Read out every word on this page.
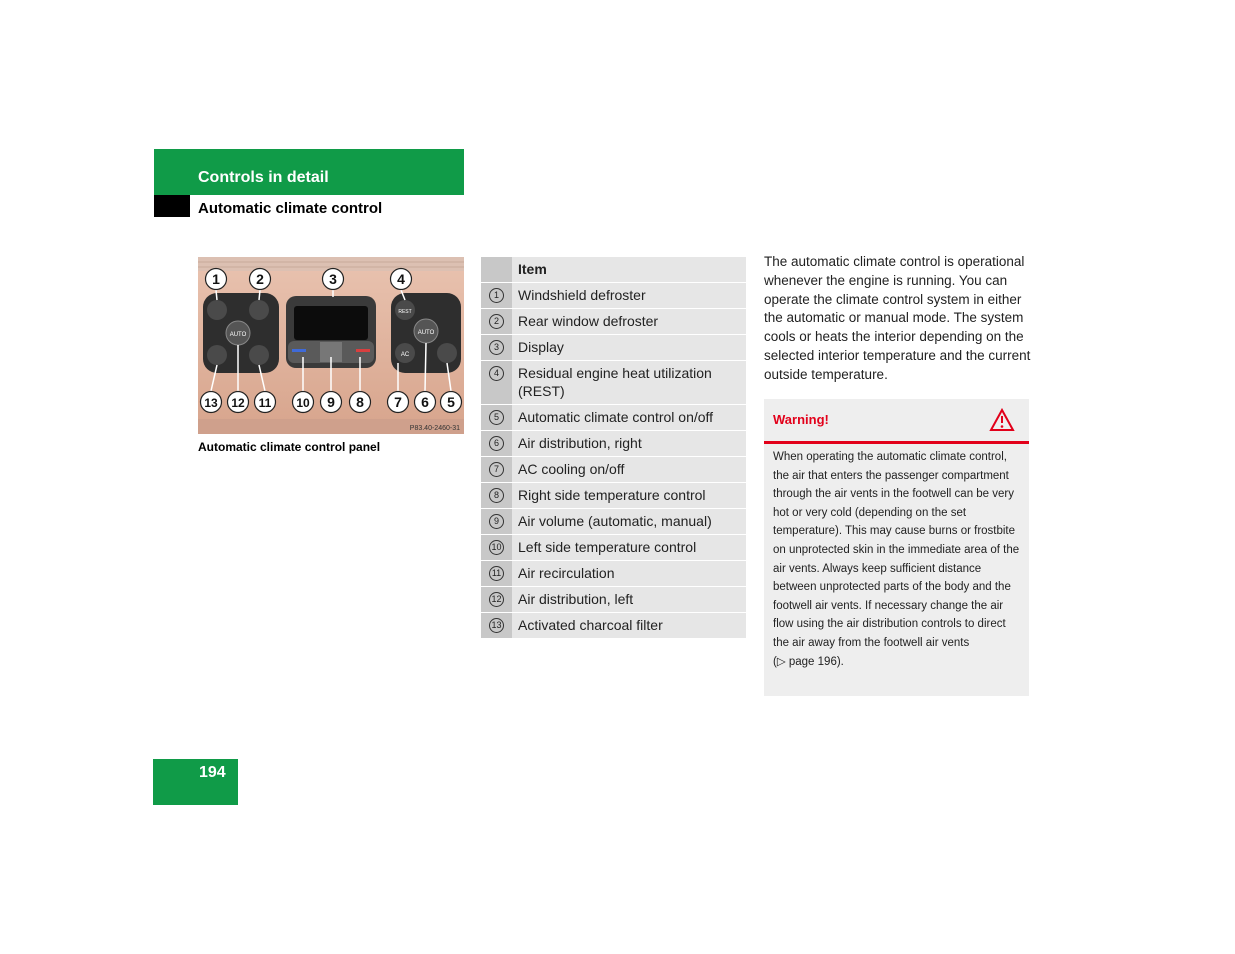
Controls in detail
Automatic climate control
AUTO
REST
AUTO
AC
1	2	3	4
13 12 11 10 9 8 7 6 5
P83.40-2460-31
Automatic climate control panel
	Item
1	Windshield defroster
2	Rear window defroster
3	Display
4	Residual engine heat utilization (REST)
5	Automatic climate control on/off
6	Air distribution, right
7	AC cooling on/off
8	Right side temperature control
9	Air volume (automatic, manual)
10	Left side temperature control
11	Air recirculation
12	Air distribution, left
13	Activated charcoal filter
The automatic climate control is operational whenever the engine is running. You can operate the climate control system in either the automatic or manual mode. The system cools or heats the interior depending on the selected interior temperature and the current outside temperature.
Warning!
When operating the automatic climate control, the air that enters the passenger compartment through the air vents in the footwell can be very hot or very cold (depending on the set temperature). This may cause burns or frostbite on unprotected skin in the immediate area of the air vents. Always keep sufficient distance between unprotected parts of the body and the footwell air vents. If necessary change the air flow using the air distribution controls to direct the air away from the footwell air vents
(▷ page 196).
194
